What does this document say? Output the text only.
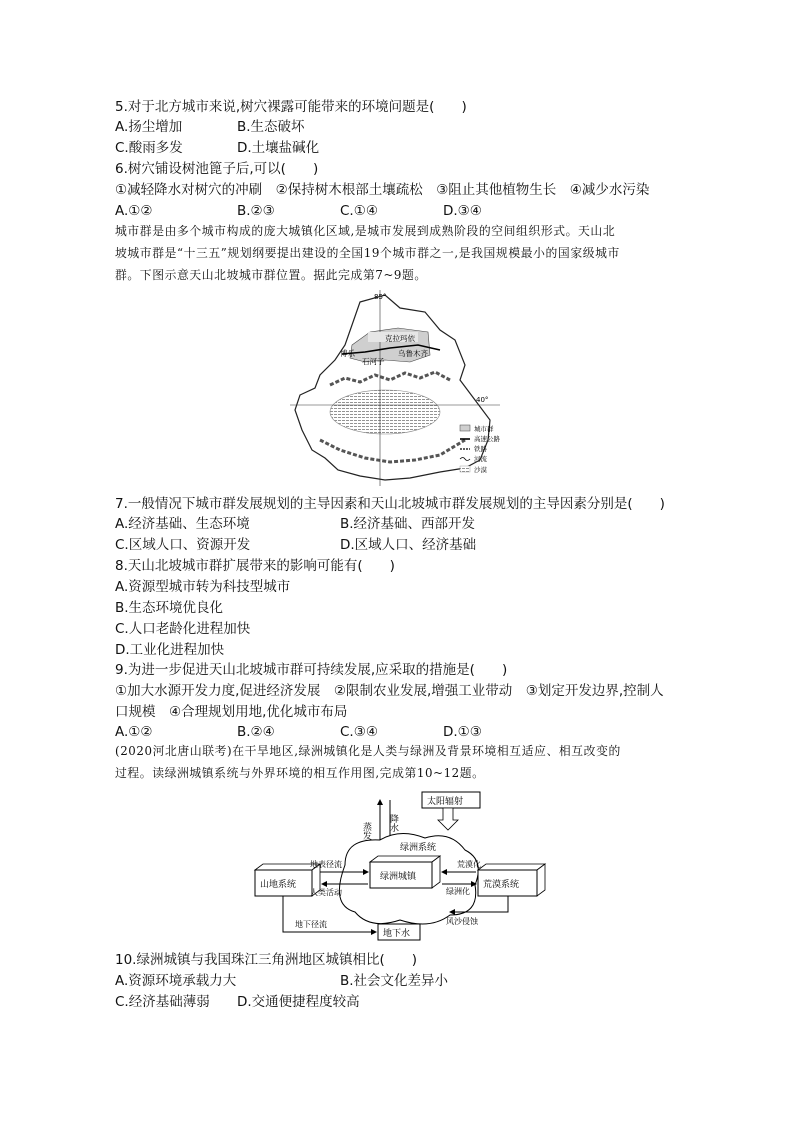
5.对于北方城市来说,树穴裸露可能带来的环境问题是(　　)
A.扬尘增加	B.生态破坏
C.酸雨多发	D.土壤盐碱化
6.树穴铺设树池篦子后,可以(　　)
①减轻降水对树穴的冲刷　②保持树木根部土壤疏松　③阻止其他植物生长　④减少水污染
A.①②	B.②③	C.①④	D.③④
城市群是由多个城市构成的庞大城镇化区域,是城市发展到成熟阶段的空间组织形式。天山北
坡城市群是“十三五”规划纲要提出建设的全国19个城市群之一,是我国规模最小的国家级城市
群。下图示意天山北坡城市群位置。据此完成第7~9题。
85°
40°
克拉玛依
乌鲁木齐
博乐
石河子
城市群
高速公路
铁路
河流
沙漠
7.一般情况下城市群发展规划的主导因素和天山北坡城市群发展规划的主导因素分别是(　　)
A.经济基础、生态环境	B.经济基础、西部开发
C.区域人口、资源开发	D.区域人口、经济基础
8.天山北坡城市群扩展带来的影响可能有(　　)
A.资源型城市转为科技型城市
B.生态环境优良化
C.人口老龄化进程加快
D.工业化进程加快
9.为进一步促进天山北坡城市群可持续发展,应采取的措施是(　　)
①加大水源开发力度,促进经济发展　②限制农业发展,增强工业带动　③划定开发边界,控制人
口规模　④合理规划用地,优化城市布局
A.①②	B.②④	C.③④	D.①③
(2020河北唐山联考)在干旱地区,绿洲城镇化是人类与绿洲及背景环境相互适应、相互改变的
过程。读绿洲城镇系统与外界环境的相互作用图,完成第10~12题。
太阳辐射
蒸发 降水
绿洲系统
绿洲城镇
山地系统	荒漠系统
地表径流
人类活动
荒漠化
绿洲化
风沙侵蚀
地下径流
地下水
10.绿洲城镇与我国珠江三角洲地区城镇相比(　　)
A.资源环境承载力大	B.社会文化差异小
C.经济基础薄弱 D.交通便捷程度较高
